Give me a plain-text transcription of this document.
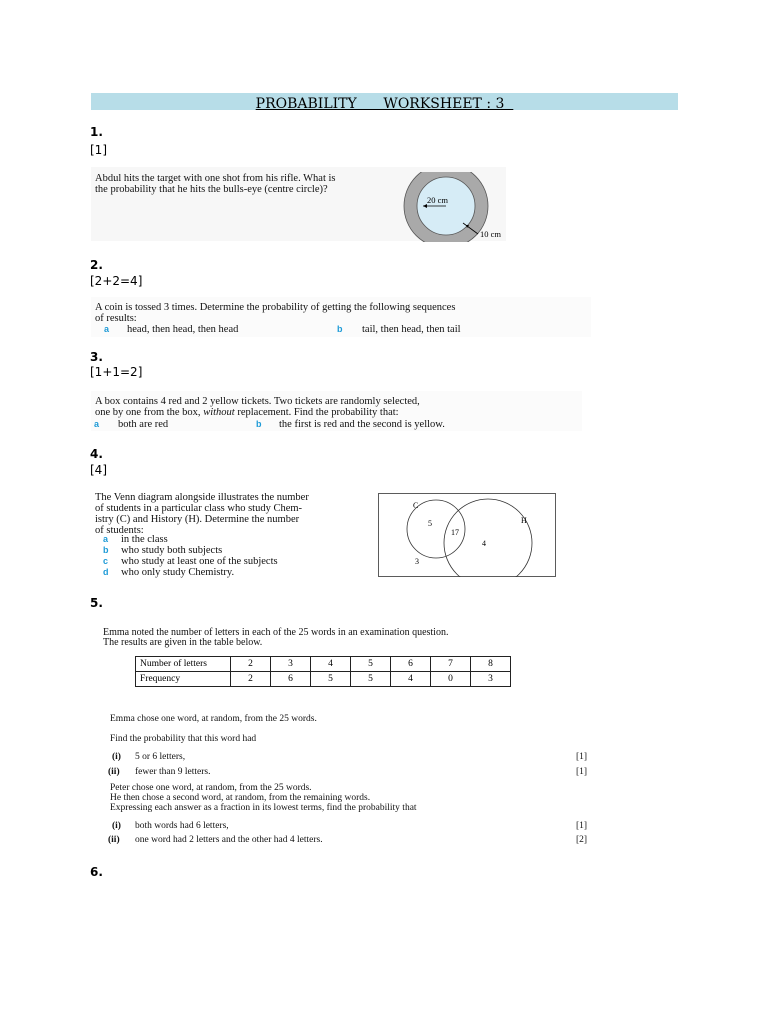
PROBABILITY      WORKSHEET : 3
1.
[1]
Abdul hits the target with one shot from his rifle. What is
the probability that he hits the bulls-eye (centre circle)?
20 cm
10 cm
2.
[2+2=4]
A coin is tossed 3 times. Determine the probability of getting the following sequences
of results:
a head, then head, then head	b tail, then head, then tail
3.
[1+1=2]
A box contains 4 red and 2 yellow tickets. Two tickets are randomly selected,
one by one from the box, without replacement. Find the probability that:
a both are red	b the first is red and the second is yellow.
4.
[4]
The Venn diagram alongside illustrates the number
of students in a particular class who study Chem-
istry (C) and History (H). Determine the number
of students:
a in the class
b who study both subjects
c who study at least one of the subjects
d who only study Chemistry.
C
H
5
17
4
3
5.
Emma noted the number of letters in each of the 25 words in an examination question.
The results are given in the table below.
Number of letters	2	3	4	5	6	7	8
Frequency	2	6	5	5	4	0	3
Emma chose one word, at random, from the 25 words.
Find the probability that this word had
(i) 5 or 6 letters,	[1]
(ii) fewer than 9 letters.	[1]
Peter chose one word, at random, from the 25 words.
He then chose a second word, at random, from the remaining words.
Expressing each answer as a fraction in its lowest terms, find the probability that
(i) both words had 6 letters,	[1]
(ii) one word had 2 letters and the other had 4 letters.	[2]
6.
